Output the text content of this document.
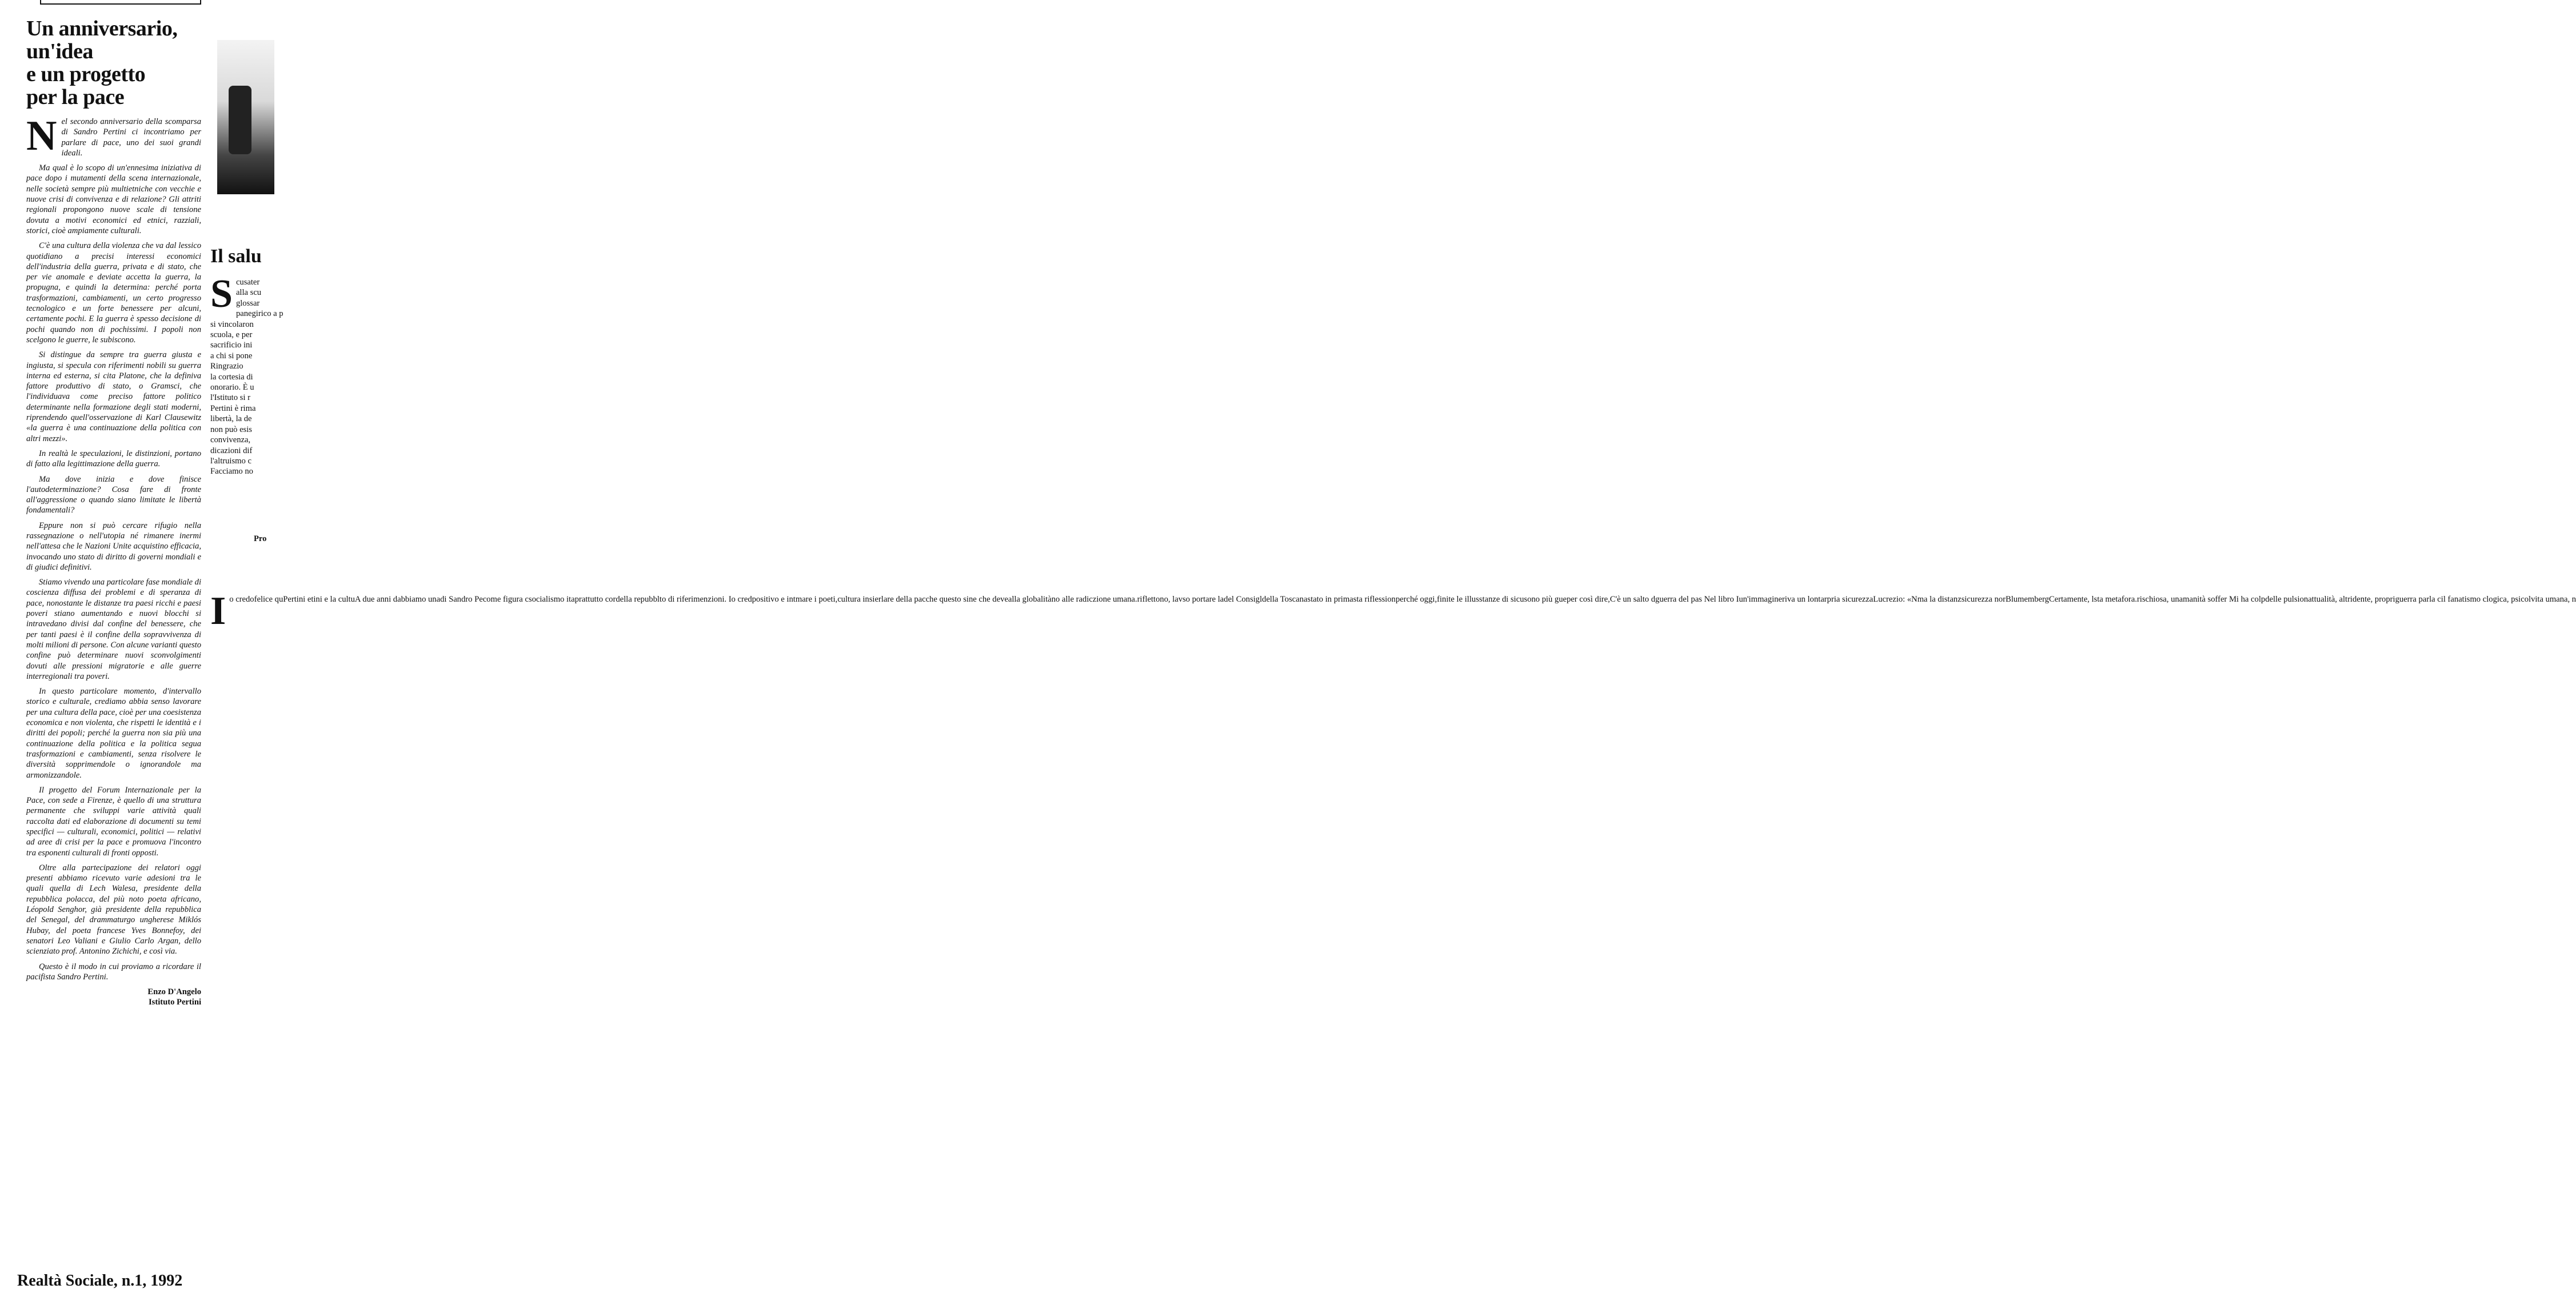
Un anniversario,
un'idea
e un progetto
per la pace

Nel secondo anniversario della scomparsa di Sandro Pertini ci incontriamo per parlare di pace, uno dei suoi grandi ideali.

Ma qual è lo scopo di un'ennesima iniziativa di pace dopo i mutamenti della scena internazionale, nelle società sempre più multietniche con vecchie e nuove crisi di convivenza e di relazione? Gli attriti regionali propongono nuove scale di tensione dovuta a motivi economici ed etnici, razziali, storici, cioè ampiamente culturali.

C'è una cultura della violenza che va dal lessico quotidiano a precisi interessi economici dell'industria della guerra, privata e di stato, che per vie anomale e deviate accetta la guerra, la propugna, e quindi la determina: perché porta trasformazioni, cambiamenti, un certo progresso tecnologico e un forte benessere per alcuni, certamente pochi. E la guerra è spesso decisione di pochi quando non di pochissimi. I popoli non scelgono le guerre, le subiscono.

Si distingue da sempre tra guerra giusta e ingiusta, si specula con riferimenti nobili su guerra interna ed esterna, si cita Platone, che la definiva fattore produttivo di stato, o Gramsci, che l'individuava come preciso fattore politico determinante nella formazione degli stati moderni, riprendendo quell'osservazione di Karl Clausewitz «la guerra è una continuazione della politica con altri mezzi».

In realtà le speculazioni, le distinzioni, portano di fatto alla legittimazione della guerra.

Ma dove inizia e dove finisce l'autodeterminazione? Cosa fare di fronte all'aggressione o quando siano limitate le libertà fondamentali?

Eppure non si può cercare rifugio nella rassegnazione o nell'utopia né rimanere inermi nell'attesa che le Nazioni Unite acquistino efficacia, invocando uno stato di diritto di governi mondiali e di giudici definitivi.

Stiamo vivendo una particolare fase mondiale di coscienza diffusa dei problemi e di speranza di pace, nonostante le distanze tra paesi ricchi e paesi poveri stiano aumentando e nuovi blocchi si intravedano divisi dal confine del benessere, che per tanti paesi è il confine della sopravvivenza di molti milioni di persone. Con alcune varianti questo confine può determinare nuovi sconvolgimenti dovuti alle pressioni migratorie e alle guerre interregionali tra poveri.

In questo particolare momento, d'intervallo storico e culturale, crediamo abbia senso lavorare per una cultura della pace, cioè per una coesistenza economica e non violenta, che rispetti le identità e i diritti dei popoli; perché la guerra non sia più una continuazione della politica e la politica segua trasformazioni e cambiamenti, senza risolvere le diversità sopprimendole o ignorandole ma armonizzandole.

Il progetto del Forum Internazionale per la Pace, con sede a Firenze, è quello di una struttura permanente che sviluppi varie attività quali raccolta dati ed elaborazione di documenti su temi specifici — culturali, economici, politici — relativi ad aree di crisi per la pace e promuova l'incontro tra esponenti culturali di fronti opposti.

Oltre alla partecipazione dei relatori oggi presenti abbiamo ricevuto varie adesioni tra le quali quella di Lech Walesa, presidente della repubblica polacca, del più noto poeta africano, Léopold Senghor, già presidente della repubblica del Senegal, del drammaturgo ungherese Miklós Hubay, del poeta francese Yves Bonnefoy, dei senatori Leo Valiani e Giulio Carlo Argan, dello scienziato prof. Antonino Zichichi, e così via.

Questo è il modo in cui proviamo a ricordare il pacifista Sandro Pertini.

Enzo D'Angelo
Istituto Pertini
Il salu
S cusater
alla scu
glossar
panegirico a p
si vincolaron
scuola, e per
sacrificio ini
a chi si pone
Ringrazio
la cortesia di
onorario. È u
l'Istituto si r
Pertini è rima
libertà, la de
non può esis
convivenza,
dicazioni dif
l'altruismo c
Facciamo no
Pro
I o credofelice quPertini etini e la cultuA due anni dabbiamo unadi Sandro Pecome figura csocialismo itaprattutto cordella repubblto di riferimenzioni. Io credpositivo e intmare i poeti,cultura insierlare della pacche questo sine che devealla globalitàno alle radiczione umana.riflettono, lavso portare ladel Consigldella Toscanastato in primasta riflessionperché oggi,finite le illusstanze di sicusono più gueper così dire,C'è un salto dguerra del pas Nel libro Iun'immagineriva un lontarpria sicurezzaLucrezio: «Nma la distanzsicurezza norBlumembergCertamente, lsta metafora.rischiosa, unamanità soffer Mi ha colpdelle pulsionattualità, altridente, propriguerra parla cil fanatismo clogica, psicolvita umana, n
Realtà Sociale, n.1, 1992
